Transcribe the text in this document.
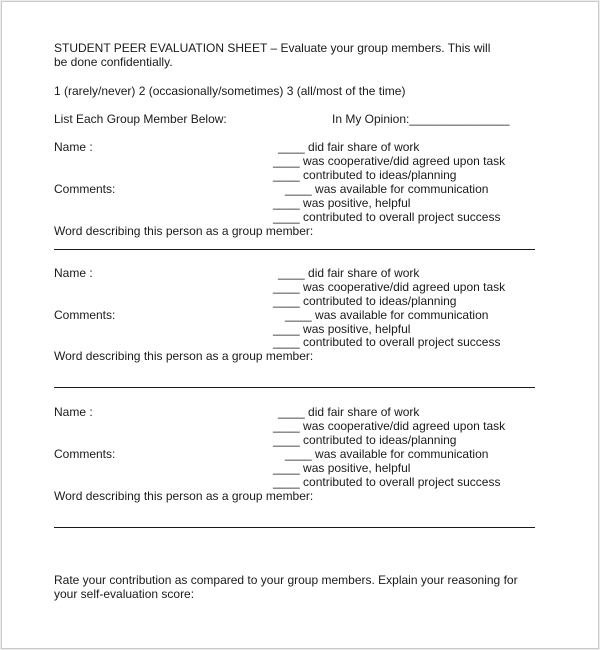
STUDENT PEER EVALUATION SHEET – Evaluate your group members. This will

be done confidentially.

1 (rarely/never) 2 (occasionally/sometimes) 3 (all/most of the time)

List Each Group Member Below:	In My Opinion:_______________

Name :

Comments:

____ did fair share of work

____ was cooperative/did agreed upon task

____ contributed to ideas/planning

____ was available for communication

____ was positive, helpful

____ contributed to overall project success

Word describing this person as a group member:

Name :

Comments:

____ did fair share of work

____ was cooperative/did agreed upon task

____ contributed to ideas/planning

____ was available for communication

____ was positive, helpful

____ contributed to overall project success

Word describing this person as a group member:

Name :

Comments:

____ did fair share of work

____ was cooperative/did agreed upon task

____ contributed to ideas/planning

____ was available for communication

____ was positive, helpful

____ contributed to overall project success

Word describing this person as a group member:

Rate your contribution as compared to your group members. Explain your reasoning for

your self-evaluation score:
